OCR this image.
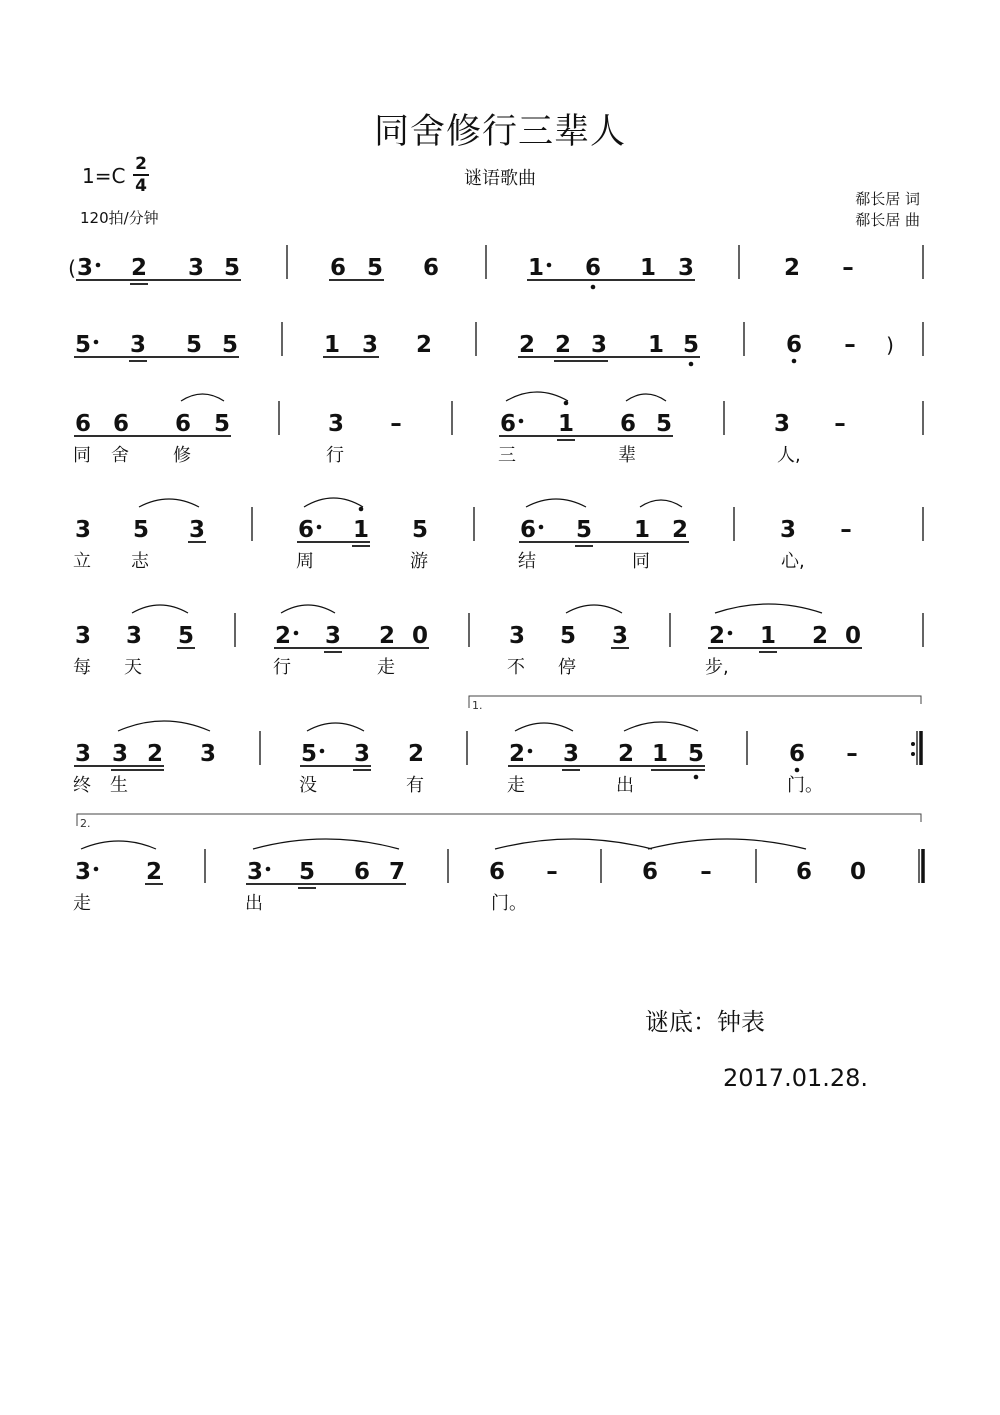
同舍修行三辈人
谜语歌曲
1=C 2
4
120拍/分钟
郗长居 词
郗长居 曲
( 3 2 3 5	6 5 6	1 6 1 3	2 –
5 3 5 5	1 3 2	2 2 3 1 5	6 – )
6 6 6 5	3 –	6 1 6 5	3 –
同 舍 修	行	三	辈	人,
3 5 3	6 1 5	6 5 1 2	3 –
立 志	周	游	结	同	心,
3 3 5	2 3 2 0	3 5 3	2 1 2 0
每 天	行	走	不 停	步,
3 3 2 3	5 3 2	2 3 2 1 5	6 –
1.
终 生	没	有	走	出	门。
3 2	3 5 6 7	6 –	6 –	6 0
2.
走	出	门。
谜底：钟表
2017.01.28.
